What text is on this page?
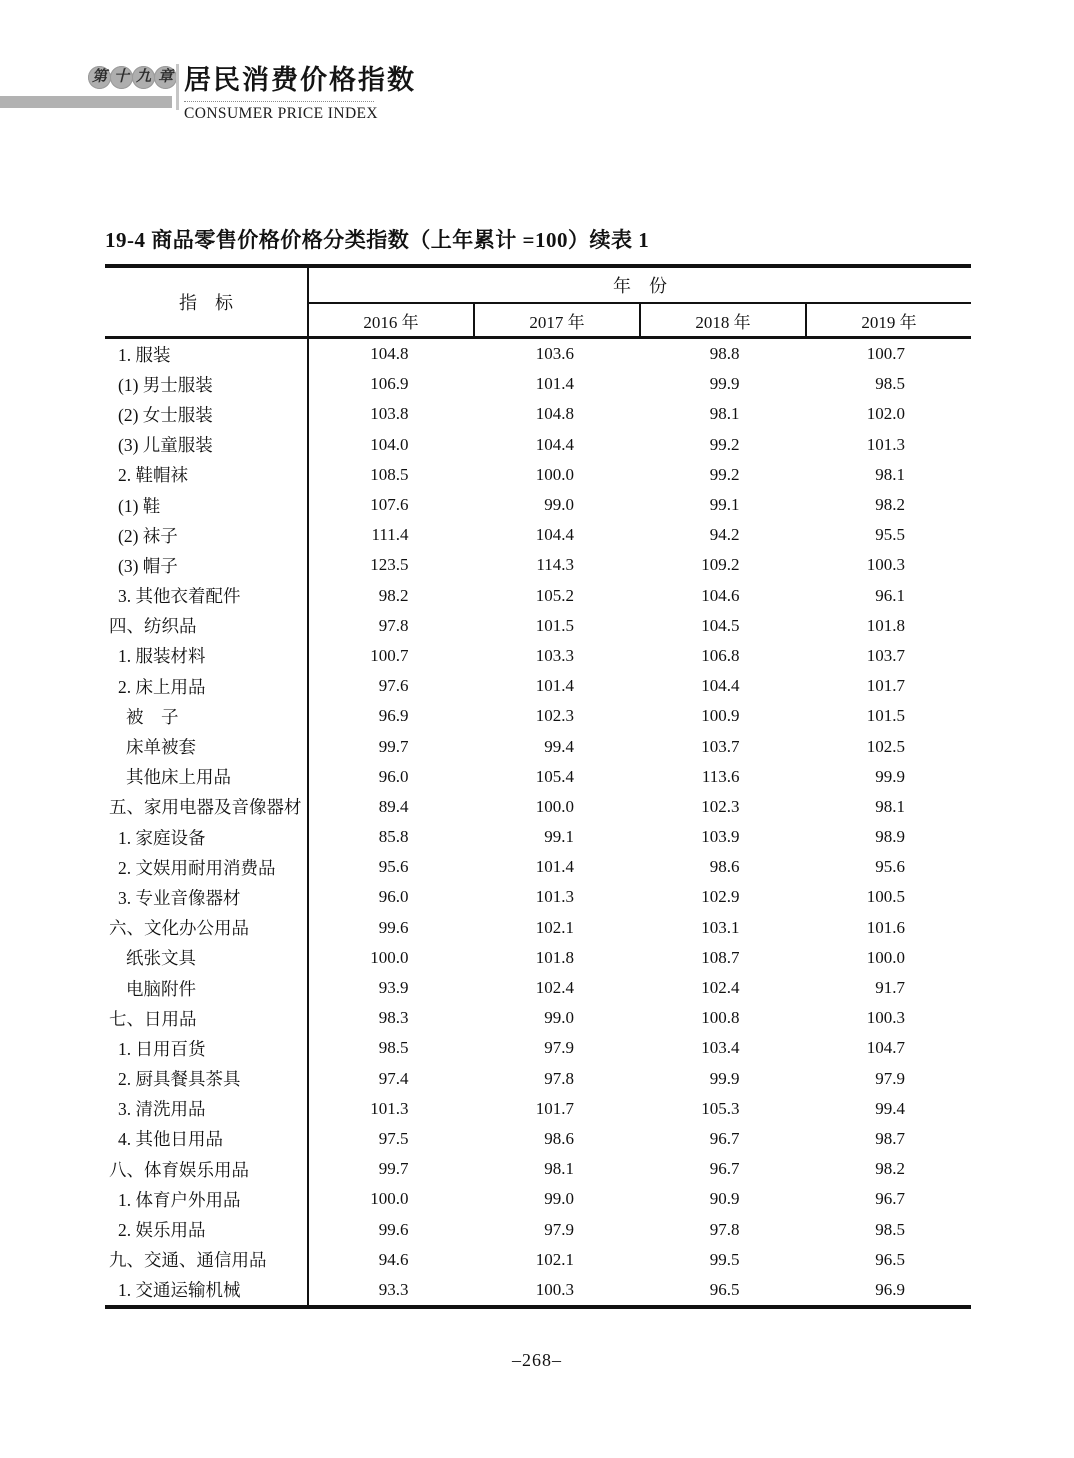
第 十 九 章 居民消费价格指数
CONSUMER PRICE INDEX
19-4 商品零售价格价格分类指数（上年累计 =100）续表 1
指　标
年　份
2016 年	2017 年	2018 年	2019 年
1. 服装	104.8	103.6	98.8	100.7
(1) 男士服装	106.9	101.4	99.9	98.5
(2) 女士服装	103.8	104.8	98.1	102.0
(3) 儿童服装	104.0	104.4	99.2	101.3
2. 鞋帽袜	108.5	100.0	99.2	98.1
(1) 鞋	107.6	99.0	99.1	98.2
(2) 袜子	111.4	104.4	94.2	95.5
(3) 帽子	123.5	114.3	109.2	100.3
3. 其他衣着配件	98.2	105.2	104.6	96.1
四、纺织品	97.8	101.5	104.5	101.8
1. 服装材料	100.7	103.3	106.8	103.7
2. 床上用品	97.6	101.4	104.4	101.7
被　子	96.9	102.3	100.9	101.5
床单被套	99.7	99.4	103.7	102.5
其他床上用品	96.0	105.4	113.6	99.9
五、家用电器及音像器材	89.4	100.0	102.3	98.1
1. 家庭设备	85.8	99.1	103.9	98.9
2. 文娱用耐用消费品	95.6	101.4	98.6	95.6
3. 专业音像器材	96.0	101.3	102.9	100.5
六、文化办公用品	99.6	102.1	103.1	101.6
纸张文具	100.0	101.8	108.7	100.0
电脑附件	93.9	102.4	102.4	91.7
七、日用品	98.3	99.0	100.8	100.3
1. 日用百货	98.5	97.9	103.4	104.7
2. 厨具餐具茶具	97.4	97.8	99.9	97.9
3. 清洗用品	101.3	101.7	105.3	99.4
4. 其他日用品	97.5	98.6	96.7	98.7
八、体育娱乐用品	99.7	98.1	96.7	98.2
1. 体育户外用品	100.0	99.0	90.9	96.7
2. 娱乐用品	99.6	97.9	97.8	98.5
九、交通、通信用品	94.6	102.1	99.5	96.5
1. 交通运输机械	93.3	100.3	96.5	96.9
–268–
